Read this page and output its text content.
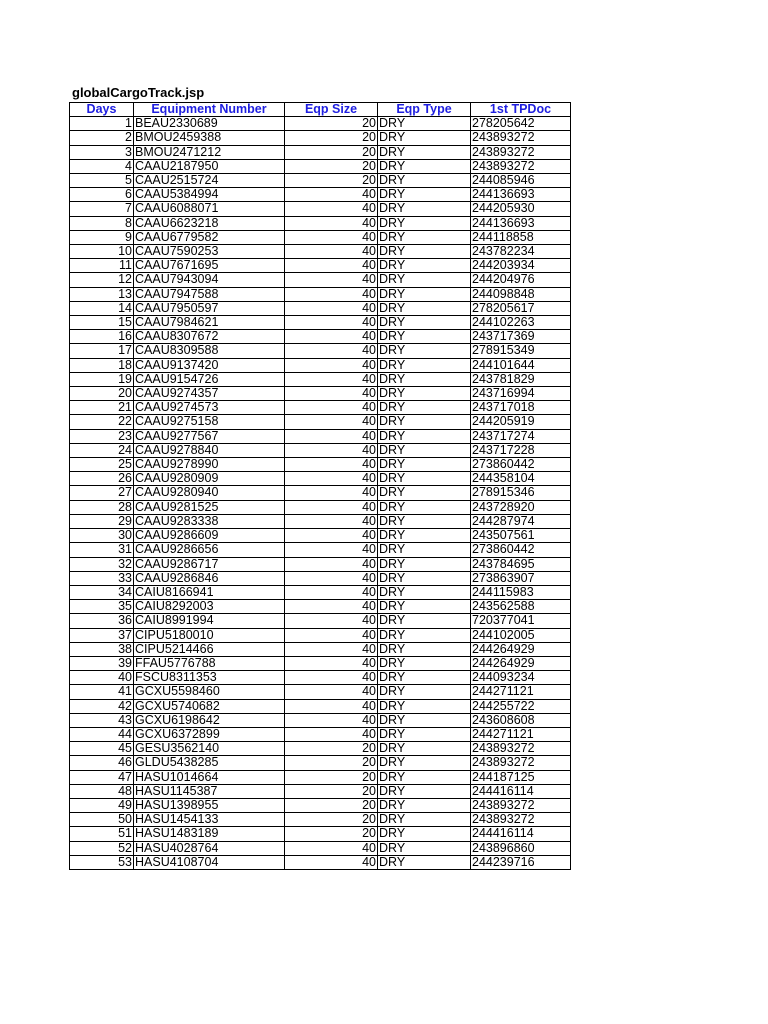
globalCargoTrack.jsp
Days	Equipment Number	Eqp Size	Eqp Type	1st TPDoc
1	BEAU2330689	20	DRY	278205642
2	BMOU2459388	20	DRY	243893272
3	BMOU2471212	20	DRY	243893272
4	CAAU2187950	20	DRY	243893272
5	CAAU2515724	20	DRY	244085946
6	CAAU5384994	40	DRY	244136693
7	CAAU6088071	40	DRY	244205930
8	CAAU6623218	40	DRY	244136693
9	CAAU6779582	40	DRY	244118858
10	CAAU7590253	40	DRY	243782234
11	CAAU7671695	40	DRY	244203934
12	CAAU7943094	40	DRY	244204976
13	CAAU7947588	40	DRY	244098848
14	CAAU7950597	40	DRY	278205617
15	CAAU7984621	40	DRY	244102263
16	CAAU8307672	40	DRY	243717369
17	CAAU8309588	40	DRY	278915349
18	CAAU9137420	40	DRY	244101644
19	CAAU9154726	40	DRY	243781829
20	CAAU9274357	40	DRY	243716994
21	CAAU9274573	40	DRY	243717018
22	CAAU9275158	40	DRY	244205919
23	CAAU9277567	40	DRY	243717274
24	CAAU9278840	40	DRY	243717228
25	CAAU9278990	40	DRY	273860442
26	CAAU9280909	40	DRY	244358104
27	CAAU9280940	40	DRY	278915346
28	CAAU9281525	40	DRY	243728920
29	CAAU9283338	40	DRY	244287974
30	CAAU9286609	40	DRY	243507561
31	CAAU9286656	40	DRY	273860442
32	CAAU9286717	40	DRY	243784695
33	CAAU9286846	40	DRY	273863907
34	CAIU8166941	40	DRY	244115983
35	CAIU8292003	40	DRY	243562588
36	CAIU8991994	40	DRY	720377041
37	CIPU5180010	40	DRY	244102005
38	CIPU5214466	40	DRY	244264929
39	FFAU5776788	40	DRY	244264929
40	FSCU8311353	40	DRY	244093234
41	GCXU5598460	40	DRY	244271121
42	GCXU5740682	40	DRY	244255722
43	GCXU6198642	40	DRY	243608608
44	GCXU6372899	40	DRY	244271121
45	GESU3562140	20	DRY	243893272
46	GLDU5438285	20	DRY	243893272
47	HASU1014664	20	DRY	244187125
48	HASU1145387	20	DRY	244416114
49	HASU1398955	20	DRY	243893272
50	HASU1454133	20	DRY	243893272
51	HASU1483189	20	DRY	244416114
52	HASU4028764	40	DRY	243896860
53	HASU4108704	40	DRY	244239716
